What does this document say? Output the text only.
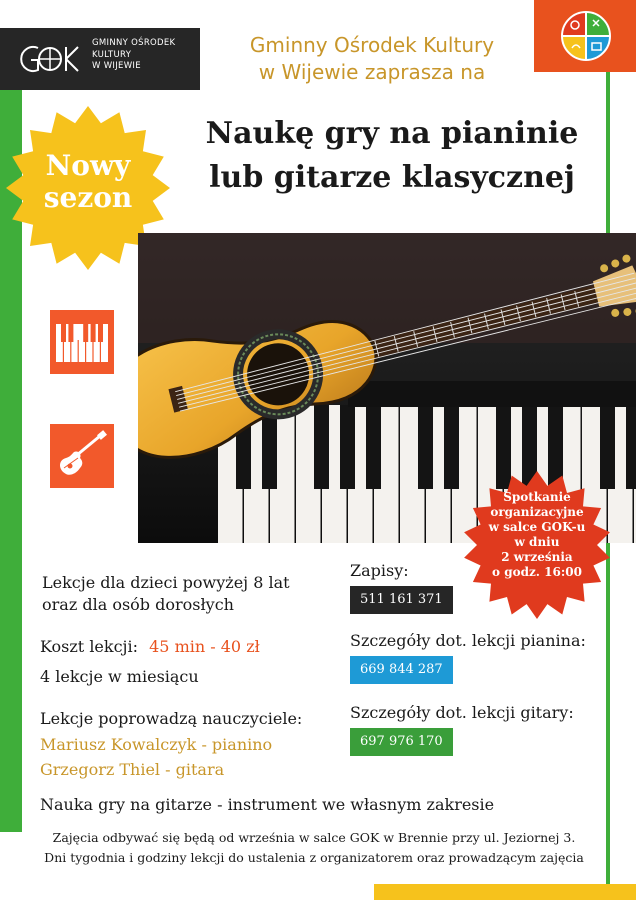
GMINNY OŚRODEK
KULTURY
W WIJEWIE
Gminny Ośrodek Kultury
w Wijewie zaprasza na
Naukę gry na pianinie
lub gitarze klasycznej
Nowy
sezon
Spotkanie
organizacyjne
w salce GOK-u
w dniu
2 września
o godz. 16:00
Lekcje dla dzieci powyżej 8 lat
oraz dla osób dorosłych
Koszt lekcji: 45 min - 40 zł
4 lekcje w miesiącu
Lekcje poprowadzą nauczyciele:
Mariusz Kowalczyk - pianino
Grzegorz Thiel - gitara
Nauka gry na gitarze - instrument we własnym zakresie
Zapisy:
511 161 371
Szczegóły dot. lekcji pianina:
669 844 287
Szczegóły dot. lekcji gitary:
697 976 170
Zajęcia odbywać się będą od września w salce GOK w Brennie przy ul. Jeziornej 3.
Dni tygodnia i godziny lekcji do ustalenia z organizatorem oraz prowadzącym zajęcia
